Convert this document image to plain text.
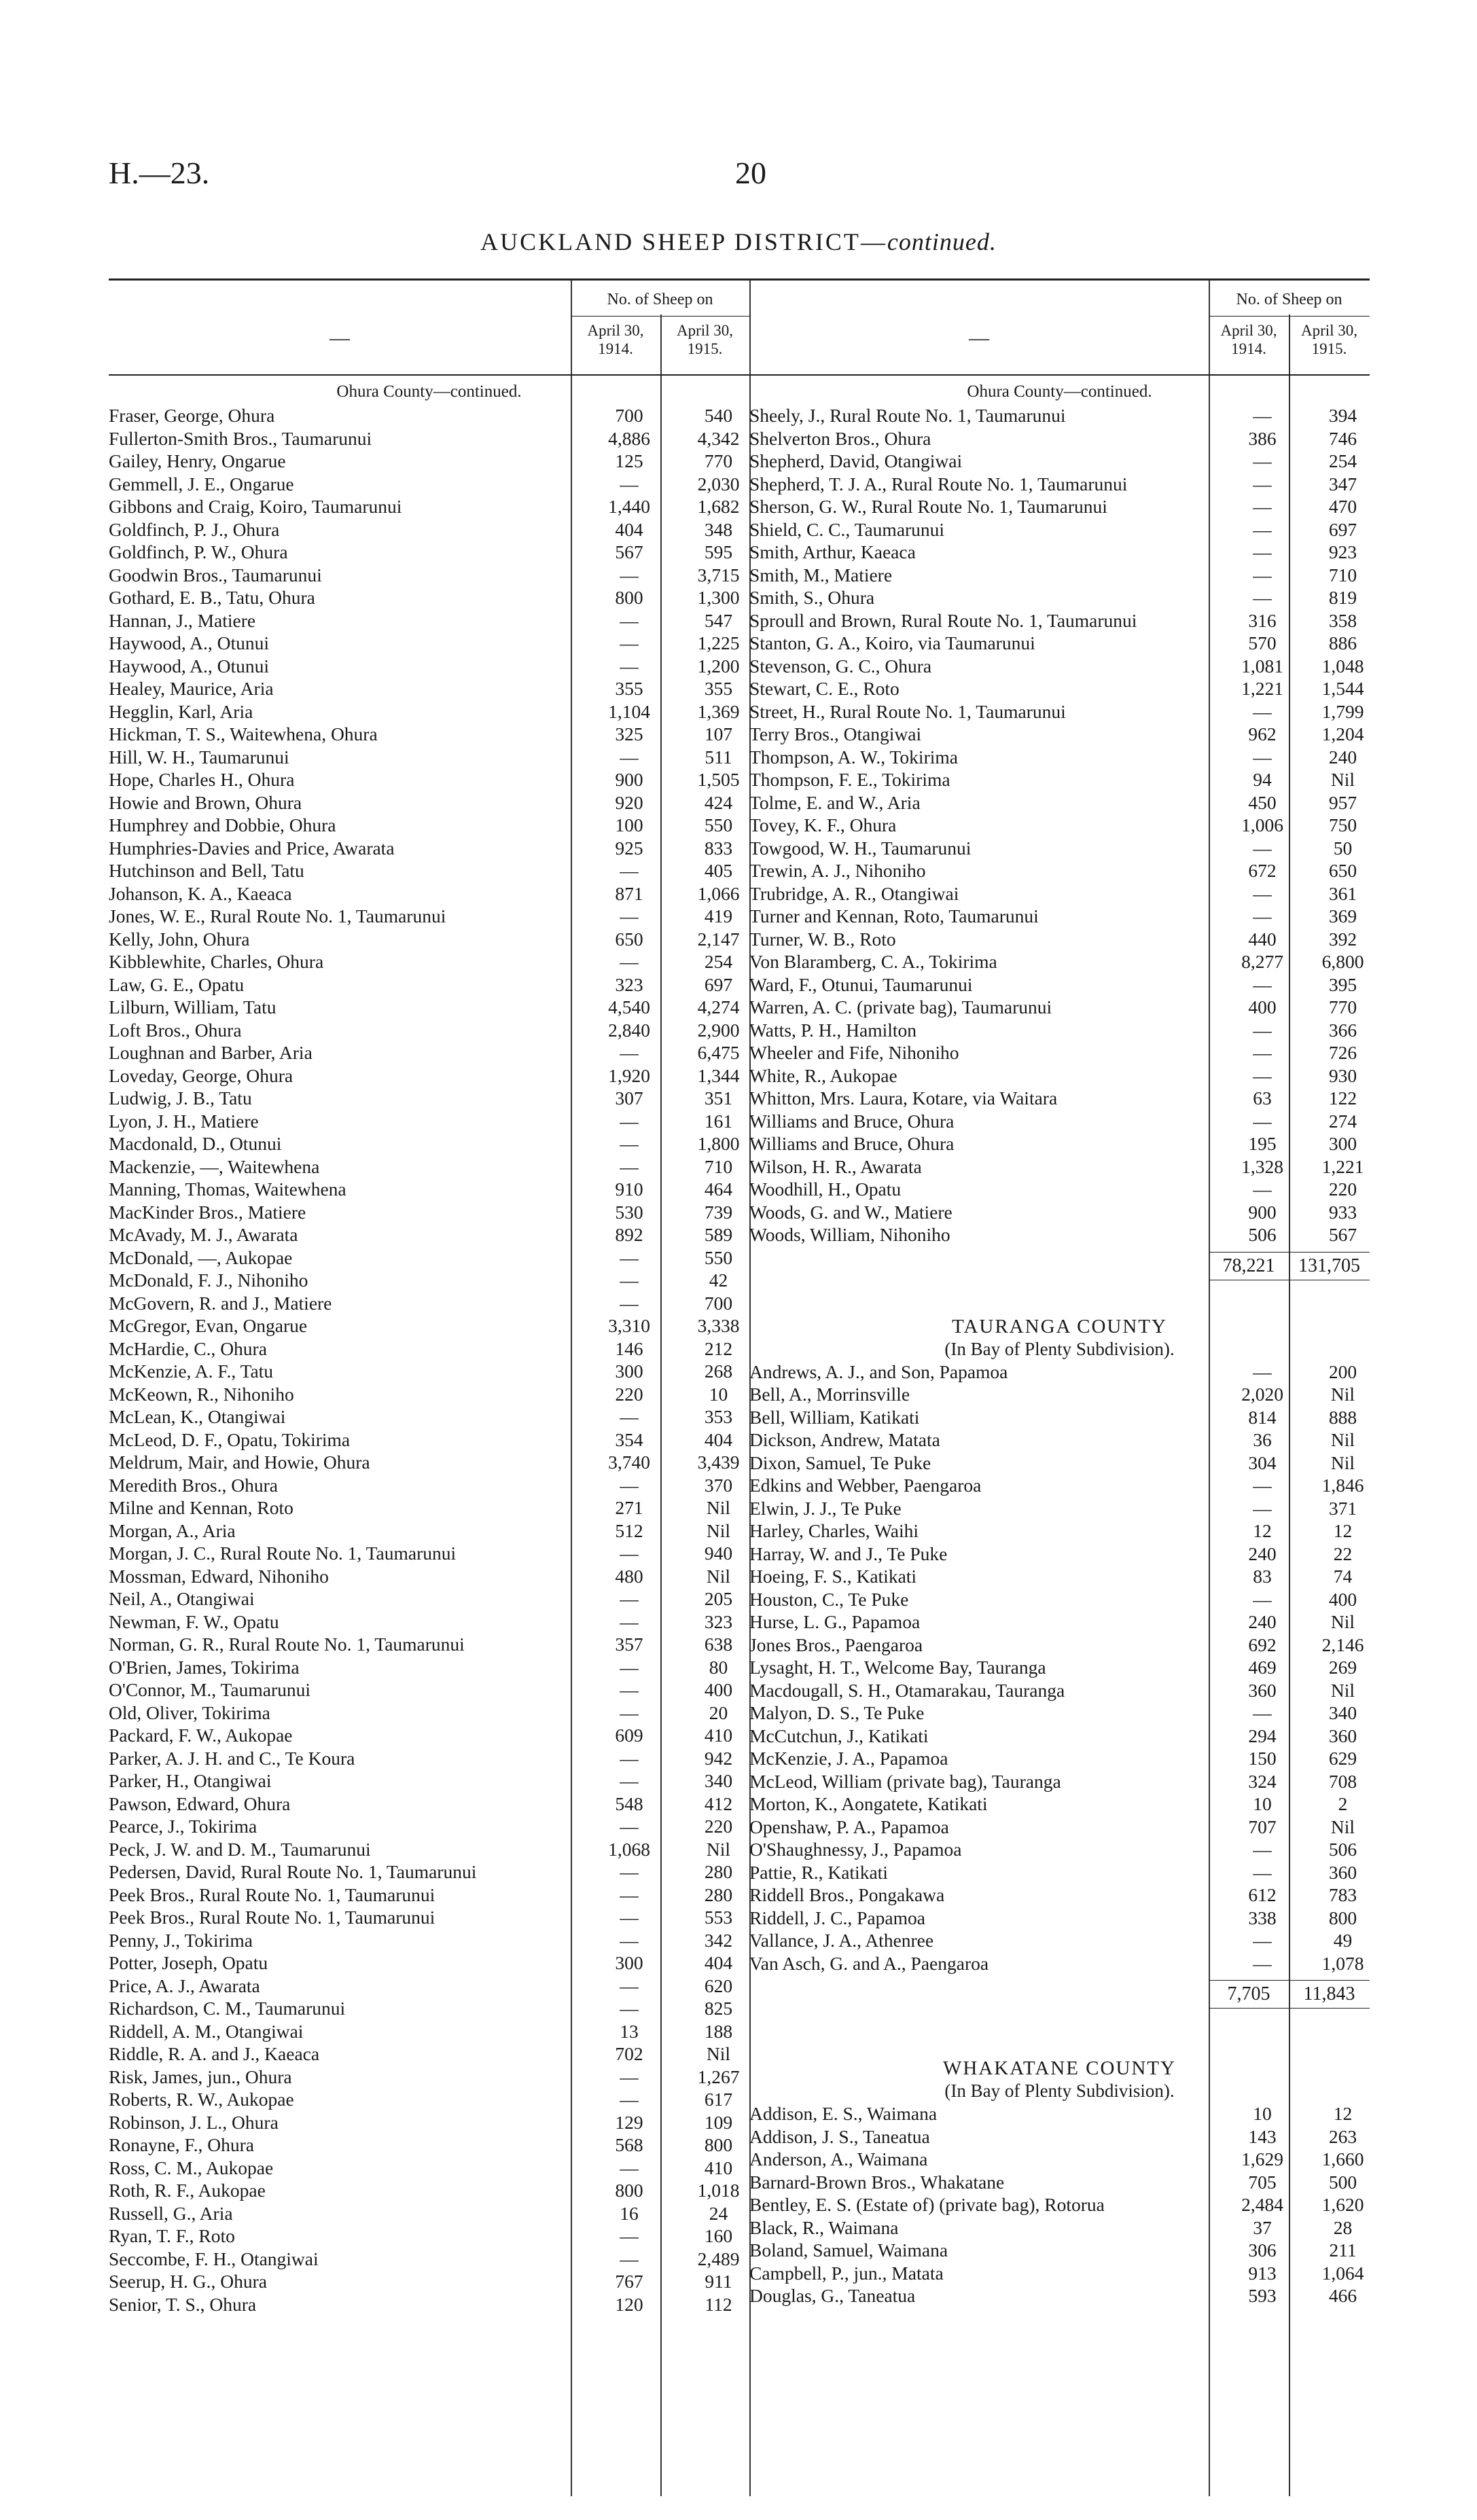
H.—23.	20
AUCKLAND SHEEP DISTRICT—continued.
—
No. of Sheep on
April 30, 1914.
April 30, 1915.
Ohura County—continued.
Fraser, George, Ohura	700	540
Fullerton-Smith Bros., Taumarunui	4,886	4,342
Gailey, Henry, Ongarue	125	770
Gemmell, J. E., Ongarue	—	2,030
Gibbons and Craig, Koiro, Taumarunui	1,440	1,682
Goldfinch, P. J., Ohura	404	348
Goldfinch, P. W., Ohura	567	595
Goodwin Bros., Taumarunui	—	3,715
Gothard, E. B., Tatu, Ohura	800	1,300
Hannan, J., Matiere	—	547
Haywood, A., Otunui	—	1,225
Haywood, A., Otunui	—	1,200
Healey, Maurice, Aria	355	355
Hegglin, Karl, Aria	1,104	1,369
Hickman, T. S., Waitewhena, Ohura	325	107
Hill, W. H., Taumarunui	—	511
Hope, Charles H., Ohura	900	1,505
Howie and Brown, Ohura	920	424
Humphrey and Dobbie, Ohura	100	550
Humphries-Davies and Price, Awarata	925	833
Hutchinson and Bell, Tatu	—	405
Johanson, K. A., Kaeaca	871	1,066
Jones, W. E., Rural Route No. 1, Taumarunui	—	419
Kelly, John, Ohura	650	2,147
Kibblewhite, Charles, Ohura	—	254
Law, G. E., Opatu	323	697
Lilburn, William, Tatu	4,540	4,274
Loft Bros., Ohura	2,840	2,900
Loughnan and Barber, Aria	—	6,475
Loveday, George, Ohura	1,920	1,344
Ludwig, J. B., Tatu	307	351
Lyon, J. H., Matiere	—	161
Macdonald, D., Otunui	—	1,800
Mackenzie, —, Waitewhena	—	710
Manning, Thomas, Waitewhena	910	464
MacKinder Bros., Matiere	530	739
McAvady, M. J., Awarata	892	589
McDonald, —, Aukopae	—	550
McDonald, F. J., Nihoniho	—	42
McGovern, R. and J., Matiere	—	700
McGregor, Evan, Ongarue	3,310	3,338
McHardie, C., Ohura	146	212
McKenzie, A. F., Tatu	300	268
McKeown, R., Nihoniho	220	10
McLean, K., Otangiwai	—	353
McLeod, D. F., Opatu, Tokirima	354	404
Meldrum, Mair, and Howie, Ohura	3,740	3,439
Meredith Bros., Ohura	—	370
Milne and Kennan, Roto	271	Nil
Morgan, A., Aria	512	Nil
Morgan, J. C., Rural Route No. 1, Taumarunui	—	940
Mossman, Edward, Nihoniho	480	Nil
Neil, A., Otangiwai	—	205
Newman, F. W., Opatu	—	323
Norman, G. R., Rural Route No. 1, Taumarunui	357	638
O'Brien, James, Tokirima	—	80
O'Connor, M., Taumarunui	—	400
Old, Oliver, Tokirima	—	20
Packard, F. W., Aukopae	609	410
Parker, A. J. H. and C., Te Koura	—	942
Parker, H., Otangiwai	—	340
Pawson, Edward, Ohura	548	412
Pearce, J., Tokirima	—	220
Peck, J. W. and D. M., Taumarunui	1,068	Nil
Pedersen, David, Rural Route No. 1, Taumarunui	—	280
Peek Bros., Rural Route No. 1, Taumarunui	—	280
Peek Bros., Rural Route No. 1, Taumarunui	—	553
Penny, J., Tokirima	—	342
Potter, Joseph, Opatu	300	404
Price, A. J., Awarata	—	620
Richardson, C. M., Taumarunui	—	825
Riddell, A. M., Otangiwai	13	188
Riddle, R. A. and J., Kaeaca	702	Nil
Risk, James, jun., Ohura	—	1,267
Roberts, R. W., Aukopae	—	617
Robinson, J. L., Ohura	129	109
Ronayne, F., Ohura	568	800
Ross, C. M., Aukopae	—	410
Roth, R. F., Aukopae	800	1,018
Russell, G., Aria	16	24
Ryan, T. F., Roto	—	160
Seccombe, F. H., Otangiwai	—	2,489
Seerup, H. G., Ohura	767	911
Senior, T. S., Ohura	120	112
—
No. of Sheep on
April 30, 1914.
April 30, 1915.
Ohura County—continued.
Sheely, J., Rural Route No. 1, Taumarunui	—	394
Shelverton Bros., Ohura	386	746
Shepherd, David, Otangiwai	—	254
Shepherd, T. J. A., Rural Route No. 1, Taumarunui	—	347
Sherson, G. W., Rural Route No. 1, Taumarunui	—	470
Shield, C. C., Taumarunui	—	697
Smith, Arthur, Kaeaca	—	923
Smith, M., Matiere	—	710
Smith, S., Ohura	—	819
Sproull and Brown, Rural Route No. 1, Taumarunui	316	358
Stanton, G. A., Koiro, via Taumarunui	570	886
Stevenson, G. C., Ohura	1,081	1,048
Stewart, C. E., Roto	1,221	1,544
Street, H., Rural Route No. 1, Taumarunui	—	1,799
Terry Bros., Otangiwai	962	1,204
Thompson, A. W., Tokirima	—	240
Thompson, F. E., Tokirima	94	Nil
Tolme, E. and W., Aria	450	957
Tovey, K. F., Ohura	1,006	750
Towgood, W. H., Taumarunui	—	50
Trewin, A. J., Nihoniho	672	650
Trubridge, A. R., Otangiwai	—	361
Turner and Kennan, Roto, Taumarunui	—	369
Turner, W. B., Roto	440	392
Von Blaramberg, C. A., Tokirima	8,277	6,800
Ward, F., Otunui, Taumarunui	—	395
Warren, A. C. (private bag), Taumarunui	400	770
Watts, P. H., Hamilton	—	366
Wheeler and Fife, Nihoniho	—	726
White, R., Aukopae	—	930
Whitton, Mrs. Laura, Kotare, via Waitara	63	122
Williams and Bruce, Ohura	—	274
Williams and Bruce, Ohura	195	300
Wilson, H. R., Awarata	1,328	1,221
Woodhill, H., Opatu	—	220
Woods, G. and W., Matiere	900	933
Woods, William, Nihoniho	506	567
78,221	131,705
TAURANGA COUNTY
(In Bay of Plenty Subdivision).
Andrews, A. J., and Son, Papamoa	—	200
Bell, A., Morrinsville	2,020	Nil
Bell, William, Katikati	814	888
Dickson, Andrew, Matata	36	Nil
Dixon, Samuel, Te Puke	304	Nil
Edkins and Webber, Paengaroa	—	1,846
Elwin, J. J., Te Puke	—	371
Harley, Charles, Waihi	12	12
Harray, W. and J., Te Puke	240	22
Hoeing, F. S., Katikati	83	74
Houston, C., Te Puke	—	400
Hurse, L. G., Papamoa	240	Nil
Jones Bros., Paengaroa	692	2,146
Lysaght, H. T., Welcome Bay, Tauranga	469	269
Macdougall, S. H., Otamarakau, Tauranga	360	Nil
Malyon, D. S., Te Puke	—	340
McCutchun, J., Katikati	294	360
McKenzie, J. A., Papamoa	150	629
McLeod, William (private bag), Tauranga	324	708
Morton, K., Aongatete, Katikati	10	2
Openshaw, P. A., Papamoa	707	Nil
O'Shaughnessy, J., Papamoa	—	506
Pattie, R., Katikati	—	360
Riddell Bros., Pongakawa	612	783
Riddell, J. C., Papamoa	338	800
Vallance, J. A., Athenree	—	49
Van Asch, G. and A., Paengaroa	—	1,078
7,705	11,843
WHAKATANE COUNTY
(In Bay of Plenty Subdivision).
Addison, E. S., Waimana	10	12
Addison, J. S., Taneatua	143	263
Anderson, A., Waimana	1,629	1,660
Barnard-Brown Bros., Whakatane	705	500
Bentley, E. S. (Estate of) (private bag), Rotorua	2,484	1,620
Black, R., Waimana	37	28
Boland, Samuel, Waimana	306	211
Campbell, P., jun., Matata	913	1,064
Douglas, G., Taneatua	593	466
